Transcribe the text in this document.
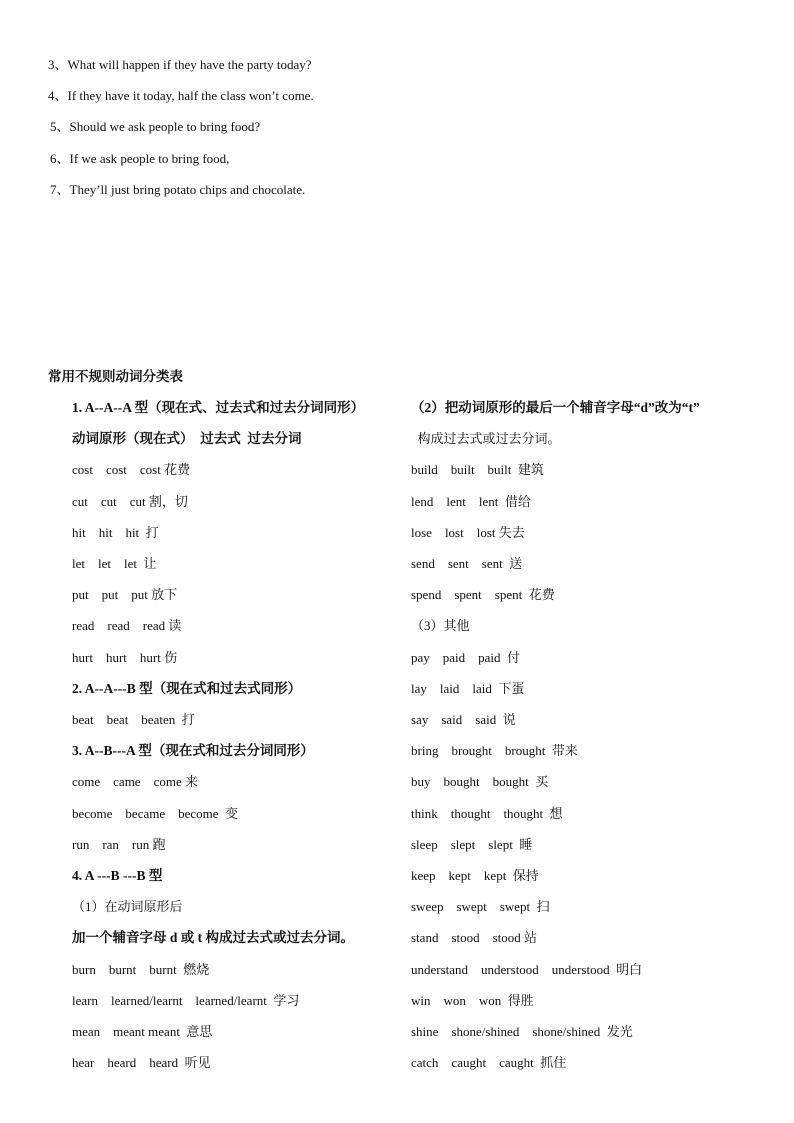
3、What will happen if they have the party today?
4、If they have it today, half the class won’t come.
5、Should we ask people to bring food?
6、If we ask people to bring food,
7、They’ll just bring potato chips and chocolate.
常用不规则动词分类表
1. A--A--A 型（现在式、过去式和过去分词同形）
动词原形（现在式）  过去式  过去分词
cost    cost    cost 花费
cut    cut    cut 割，切
hit    hit    hit  打
let    let    let  让
put    put    put 放下
read    read    read 读
hurt    hurt    hurt 伤
2. A--A---B 型（现在式和过去式同形）
beat    beat    beaten  打
3. A--B---A 型（现在式和过去分词同形）
come    came    come 来
become    became    become  变
run    ran    run 跑
4. A ---B ---B 型
（1）在动词原形后
加一个辅音字母 d 或 t 构成过去式或过去分词。
burn    burnt    burnt  燃烧
learn    learned/learnt    learned/learnt  学习
mean    meant meant  意思
hear    heard    heard  听见
（2）把动词原形的最后一个辅音字母“d”改为“t”
构成过去式或过去分词。
build    built    built  建筑
lend    lent    lent  借给
lose    lost    lost 失去
send    sent    sent  送
spend    spent    spent  花费
（3）其他
pay    paid    paid  付
lay    laid    laid  下蛋
say    said    said  说
bring    brought    brought  带来
buy    bought    bought  买
think    thought    thought  想
sleep    slept    slept  睡
keep    kept    kept  保持
sweep    swept    swept  扫
stand    stood    stood 站
understand    understood    understood  明白
win    won    won  得胜
shine    shone/shined    shone/shined  发光
catch    caught    caught  抓住
